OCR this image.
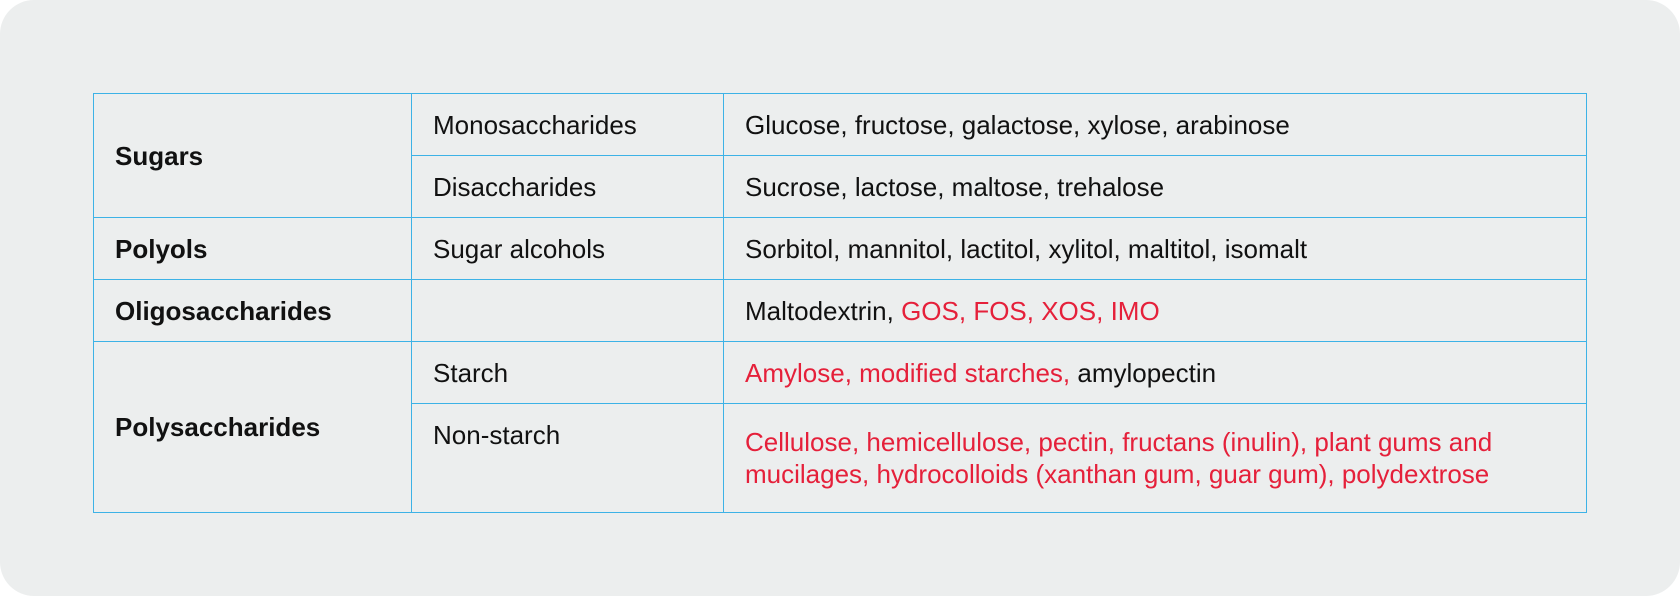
Sugars	Monosaccharides	Glucose, fructose, galactose, xylose, arabinose
	Disaccharides	Sucrose, lactose, maltose, trehalose
Polyols	Sugar alcohols	Sorbitol, mannitol, lactitol, xylitol, maltitol, isomalt
Oligosaccharides		Maltodextrin, GOS, FOS, XOS, IMO
Polysaccharides	Starch	Amylose, modified starches, amylopectin
	Non-starch	Cellulose, hemicellulose, pectin, fructans (inulin), plant gums and
mucilages, hydrocolloids (xanthan gum, guar gum), polydextrose
